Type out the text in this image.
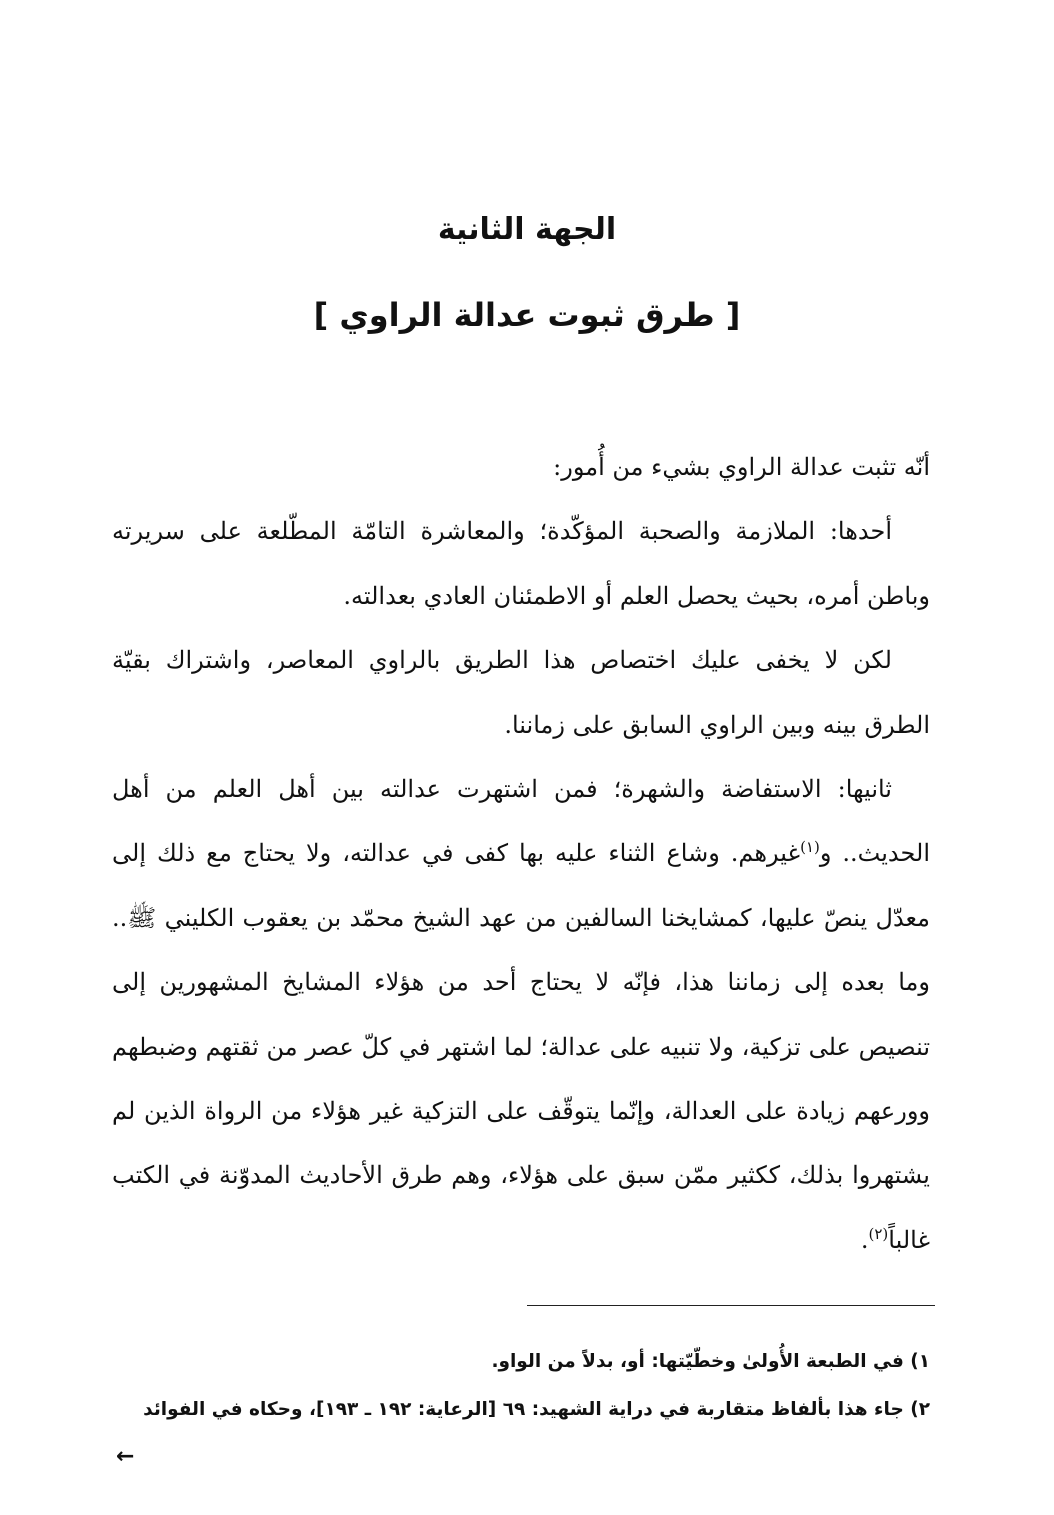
الجهة الثانية
[ طرق ثبوت عدالة الراوي ]

أنّه تثبت عدالة الراوي بشيء من أُمور:

أحدها: الملازمة والصحبة المؤكّدة؛ والمعاشرة التامّة المطّلعة على سريرته وباطن أمره، بحيث يحصل العلم أو الاطمئنان العادي بعدالته.

لكن لا يخفى عليك اختصاص هذا الطريق بالراوي المعاصر، واشتراك بقيّة الطرق بينه وبين الراوي السابق على زماننا.

ثانيها: الاستفاضة والشهرة؛ فمن اشتهرت عدالته بين أهل العلم من أهل الحديث.. و$^{(١)}$غيرهم. وشاع الثناء عليه بها كفى في عدالته، ولا يحتاج مع ذلك إلى معدّل ينصّ عليها، كمشايخنا السالفين من عهد الشيخ محمّد بن يعقوب الكليني ﷺ.. وما بعده إلى زماننا هذا، فإنّه لا يحتاج أحد من هؤلاء المشايخ المشهورين إلى تنصيص على تزكية، ولا تنبيه على عدالة؛ لما اشتهر في كلّ عصر من ثقتهم وضبطهم وورعهم زيادة على العدالة، وإنّما يتوقّف على التزكية غير هؤلاء من الرواة الذين لم يشتهروا بذلك، ككثير ممّن سبق على هؤلاء، وهم طرق الأحاديث المدوّنة في الكتب غالباً$^{(٢)}$.

١) في الطبعة الأُولىٰ وخطّيّتها: أو، بدلاً من الواو.

٢) جاء هذا بألفاظ متقاربة في دراية الشهيد: ٦٩ [الرعاية: ١٩٢ ـ ١٩٣]، وحكاه في الفوائد

←
